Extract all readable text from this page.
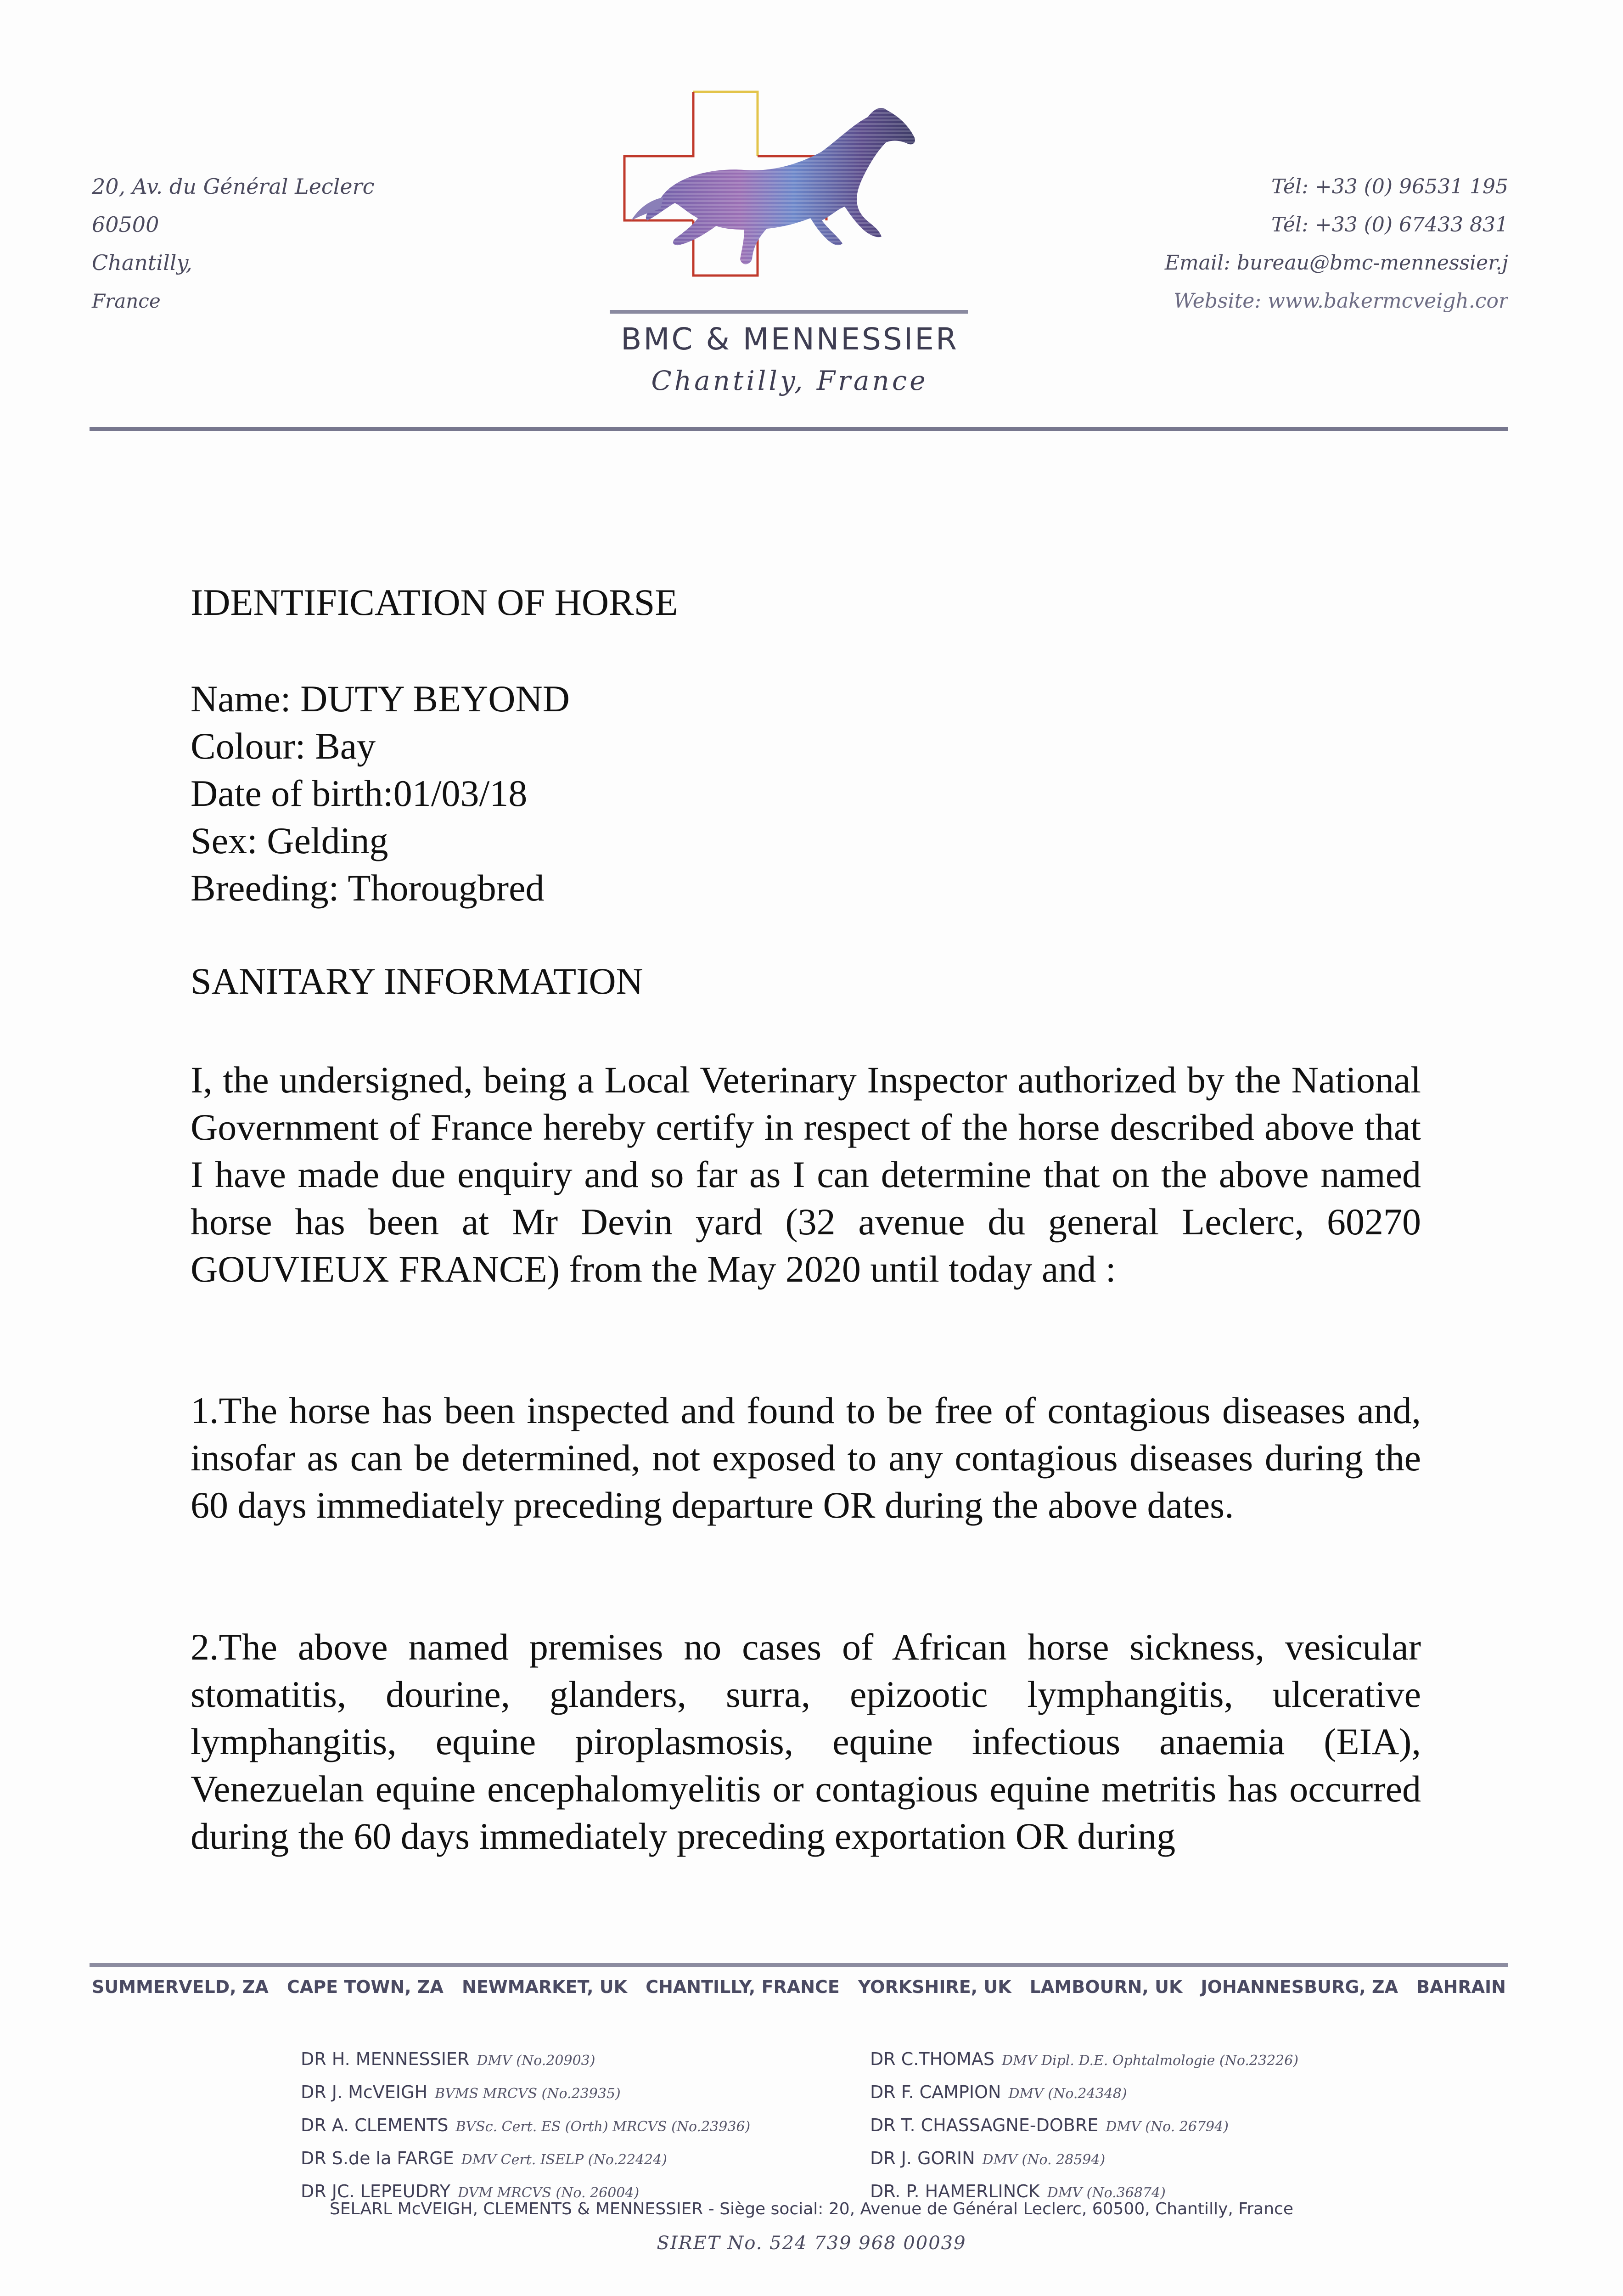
20, Av. du Général Leclerc
60500
Chantilly,
France
Tél: +33 (0) 96531 195
Tél: +33 (0) 67433 831
Email: bureau@bmc-mennessier.j
Website: www.bakermcveigh.cor
BMC & MENNESSIER
Chantilly, France
IDENTIFICATION OF HORSE
Name: DUTY BEYOND
Colour: Bay
Date of birth:01/03/18
Sex: Gelding
Breeding: Thorougbred
SANITARY INFORMATION
I, the undersigned, being a Local Veterinary Inspector authorized by the National Government of France hereby certify in respect of the horse described above that I have made due enquiry and so far as I can determine that on the above named horse has been at Mr Devin yard (32 avenue du general Leclerc, 60270 GOUVIEUX FRANCE) from the May 2020 until today and :
1.The horse has been inspected and found to be free of contagious diseases and, insofar as can be determined, not exposed to any contagious diseases during the 60 days immediately preceding departure OR during the above dates.
2.The above named premises no cases of African horse sickness, vesicular stomatitis, dourine, glanders, surra, epizootic lymphangitis, ulcerative lymphangitis, equine piroplasmosis, equine infectious anaemia (EIA), Venezuelan equine encephalomyelitis or contagious equine metritis has occurred during the 60 days immediately preceding exportation OR during
SUMMERVELD, ZA CAPE TOWN, ZA NEWMARKET, UK CHANTILLY, FRANCE YORKSHIRE, UK LAMBOURN, UK JOHANNESBURG, ZA BAHRAIN
DR H. MENNESSIER DMV (No.20903)
DR J. McVEIGH BVMS MRCVS (No.23935)
DR A. CLEMENTS BVSc. Cert. ES (Orth) MRCVS (No.23936)
DR S.de la FARGE DMV Cert. ISELP (No.22424)
DR JC. LEPEUDRY DVM MRCVS (No. 26004)
DR C.THOMAS DMV Dipl. D.E. Ophtalmologie (No.23226)
DR F. CAMPION DMV (No.24348)
DR T. CHASSAGNE-DOBRE DMV (No. 26794)
DR J. GORIN DMV (No. 28594)
DR. P. HAMERLINCK DMV (No.36874)
SELARL McVEIGH, CLEMENTS & MENNESSIER - Siège social: 20, Avenue de Général Leclerc, 60500, Chantilly, France
SIRET No. 524 739 968 00039
